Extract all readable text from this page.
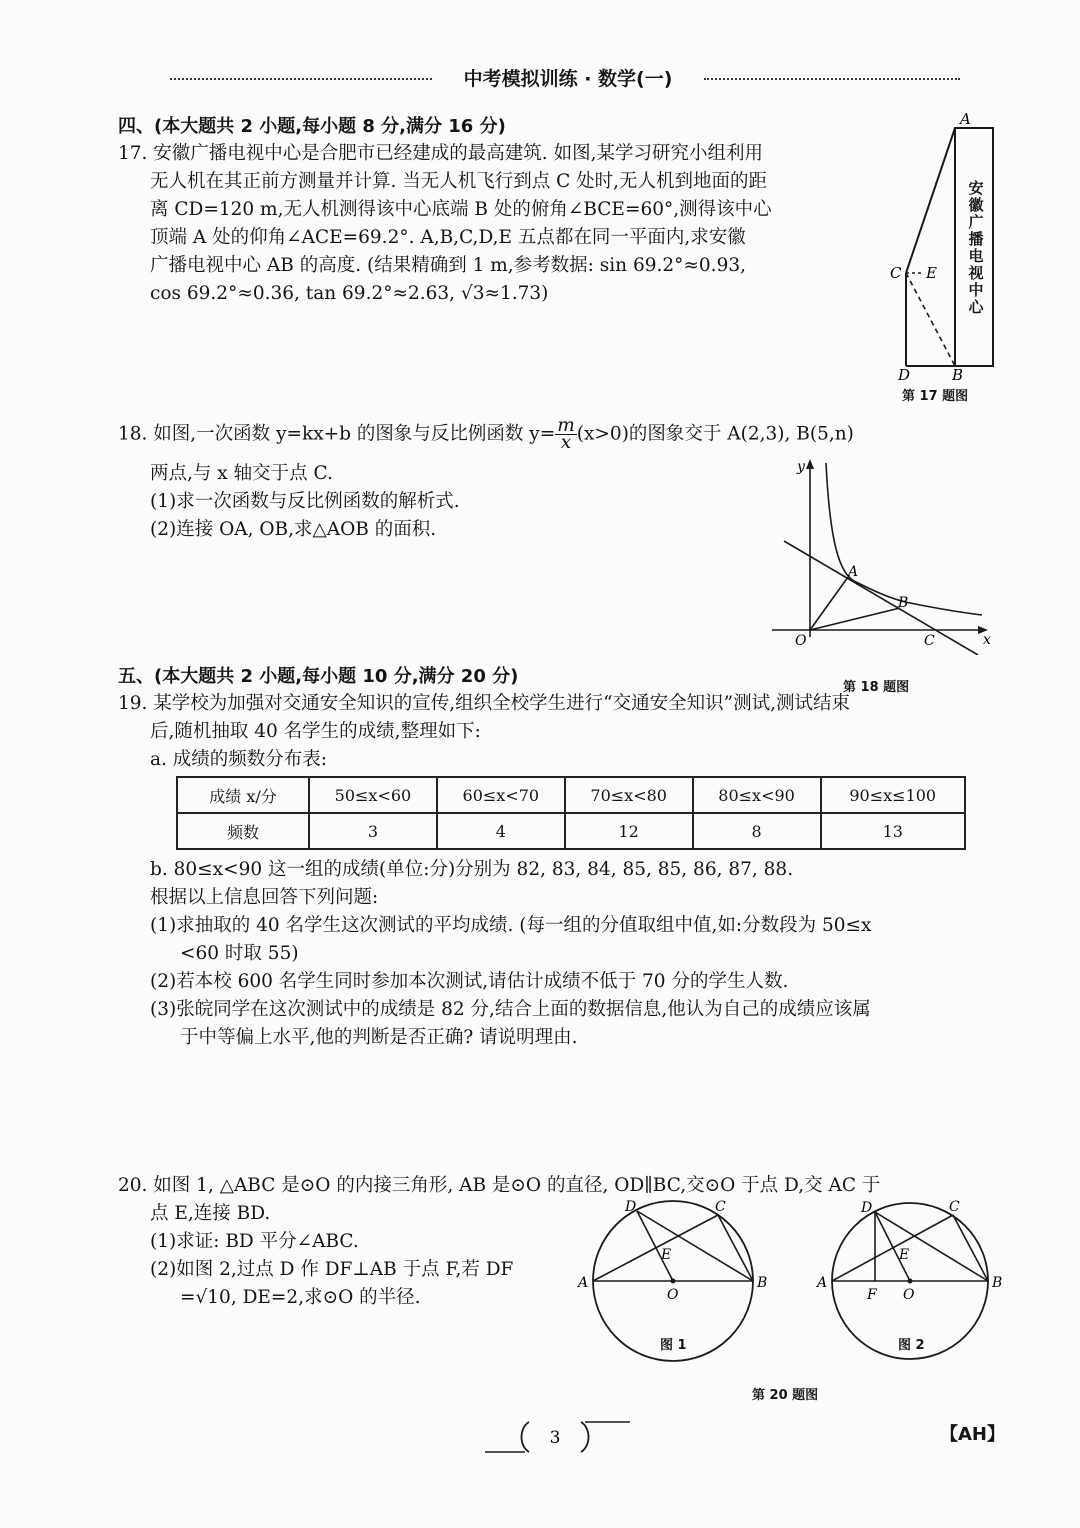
中考模拟训练 · 数学(一)
四、(本大题共 2 小题,每小题 8 分,满分 16 分)
17. 安徽广播电视中心是合肥市已经建成的最高建筑. 如图,某学习研究小组利用
无人机在其正前方测量并计算. 当无人机飞行到点 C 处时,无人机到地面的距
离 CD=120 m,无人机测得该中心底端 B 处的俯角∠BCE=60°,测得该中心
顶端 A 处的仰角∠ACE=69.2°. A,B,C,D,E 五点都在同一平面内,求安徽
广播电视中心 AB 的高度. (结果精确到 1 m,参考数据: sin 69.2°≈0.93,
cos 69.2°≈0.36, tan 69.2°≈2.63, √3≈1.73)
A
B
C
D
E
安徽广播电视中心
第 17 题图
18. 如图,一次函数 y=kx+b 的图象与反比例函数 $y= \frac{m}{x} (x>0)$的图象交于 A(2,3), B(5,n)
两点,与 x 轴交于点 C.
(1)求一次函数与反比例函数的解析式.
(2)连接 OA, OB,求△AOB 的面积.
y
x
O
A
B
C
第 18 题图
五、(本大题共 2 小题,每小题 10 分,满分 20 分)
19. 某学校为加强对交通安全知识的宣传,组织全校学生进行“交通安全知识”测试,测试结束
后,随机抽取 40 名学生的成绩,整理如下:
a. 成绩的频数分布表:
成绩 x/分	50≤x<60	60≤x<70	70≤x<80	80≤x<90	90≤x≤100
频数	3	4	12	8	13
b. 80≤x<90 这一组的成绩(单位:分)分别为 82, 83, 84, 85, 85, 86, 87, 88.
根据以上信息回答下列问题:
(1)求抽取的 40 名学生这次测试的平均成绩. (每一组的分值取组中值,如:分数段为 50≤x
<60 时取 55)
(2)若本校 600 名学生同时参加本次测试,请估计成绩不低于 70 分的学生人数.
(3)张皖同学在这次测试中的成绩是 82 分,结合上面的数据信息,他认为自己的成绩应该属
于中等偏上水平,他的判断是否正确? 请说明理由.
20. 如图 1, △ABC 是⊙O 的内接三角形, AB 是⊙O 的直径, OD∥BC,交⊙O 于点 D,交 AC 于
点 E,连接 BD.
(1)求证: BD 平分∠ABC.
(2)如图 2,过点 D 作 DF⊥AB 于点 F,若 DF
=√10, DE=2,求⊙O 的半径.
A	B
C
D
E
O
图 1
A	B
C
D
E
O
F
图 2
第 20 题图
3	【AH】
